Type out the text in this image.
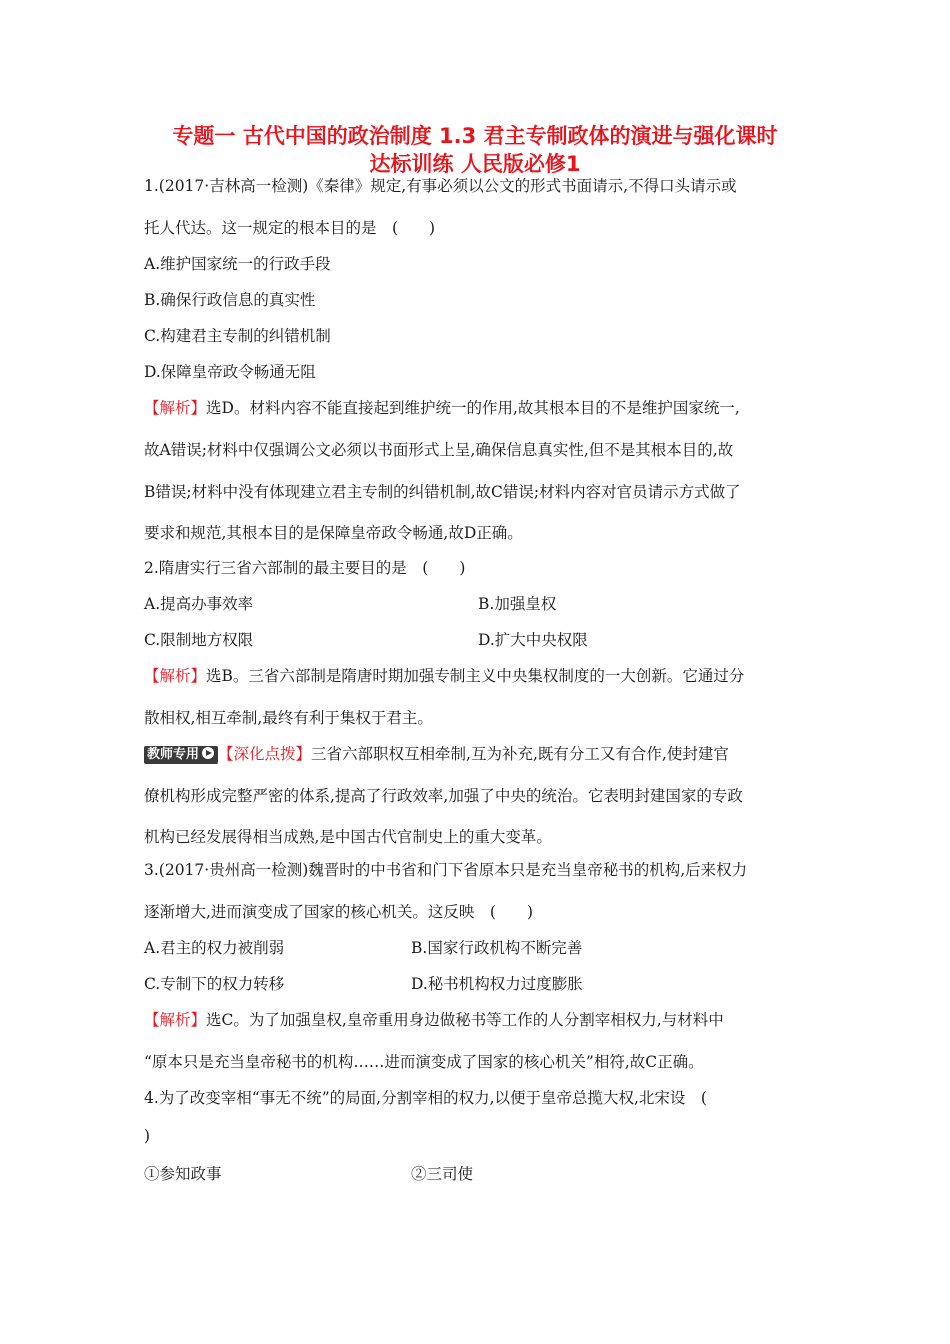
专题一 古代中国的政治制度 1.3 君主专制政体的演进与强化课时
达标训练 人民版必修1
1.(2017·吉林高一检测)《秦律》规定,有事必须以公文的形式书面请示,不得口头请示或
托人代达。这一规定的根本目的是　(　　)
A.维护国家统一的行政手段
B.确保行政信息的真实性
C.构建君主专制的纠错机制
D.保障皇帝政令畅通无阻
【解析】选D。材料内容不能直接起到维护统一的作用,故其根本目的不是维护国家统一,
故A错误;材料中仅强调公文必须以书面形式上呈,确保信息真实性,但不是其根本目的,故
B错误;材料中没有体现建立君主专制的纠错机制,故C错误;材料内容对官员请示方式做了
要求和规范,其根本目的是保障皇帝政令畅通,故D正确。
2.隋唐实行三省六部制的最主要目的是　(　　)
A.提高办事效率	B.加强皇权
C.限制地方权限	D.扩大中央权限
【解析】选B。三省六部制是隋唐时期加强专制主义中央集权制度的一大创新。它通过分
散相权,相互牵制,最终有利于集权于君主。
教师专用 【深化点拨】三省六部职权互相牵制,互为补充,既有分工又有合作,使封建官
僚机构形成完整严密的体系,提高了行政效率,加强了中央的统治。它表明封建国家的专政
机构已经发展得相当成熟,是中国古代官制史上的重大变革。
3.(2017·贵州高一检测)魏晋时的中书省和门下省原本只是充当皇帝秘书的机构,后来权力
逐渐增大,进而演变成了国家的核心机关。这反映　(　　)
A.君主的权力被削弱	B.国家行政机构不断完善
C.专制下的权力转移	D.秘书机构权力过度膨胀
【解析】选C。为了加强皇权,皇帝重用身边做秘书等工作的人分割宰相权力,与材料中
“原本只是充当皇帝秘书的机构……进而演变成了国家的核心机关”相符,故C正确。
4.为了改变宰相“事无不统”的局面,分割宰相的权力,以便于皇帝总揽大权,北宋设　(
)
①参知政事	②三司使
